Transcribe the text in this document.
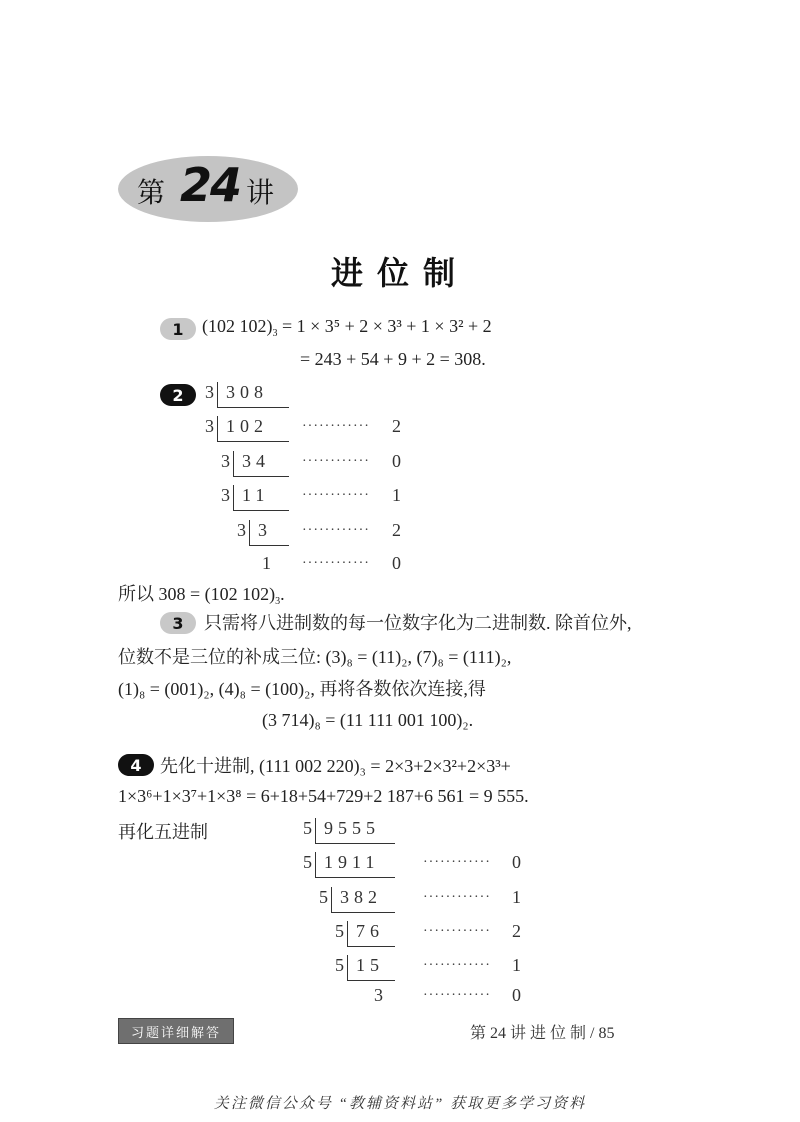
第 24 讲
进位制
1	(102 $102)_3 = 1 \times 3^5 + 2 \times 3^3 + 1 \times 3^2 + 2$
= 243 + 54 + 9 + 2 = 308.
2	3 308
3 102	············ 2
3 34	············ 0
3 11	············ 1
3 3	············ 2
1 ············ 0
所以 308 = (102 $102)_3$.
3	只需将八进制数的每一位数字化为二进制数. 除首位外,
位数不是三位的补成三位: (3)₈ = (11)₂, (7)₈ = (111)₂,
(1)₈ = (001)₂, (4)₈ = (100)₂, 再将各数依次连接,得
(3 714)₈ = (11 111 001 100)₂.
4	先化十进制, (111 002 220)₃ = 2×3+2×3²+2×3³+
1×3⁶+1×3⁷+1×3⁸ = 6+18+54+729+2 187+6 561 = 9 555.
再化五进制	5 9555
5 1911	············ 0
5 382	············ 1
5 76	············ 2
5 15	············ 1
3	············ 0
习题详细解答	第 24 讲 进 位 制 / 85
关注微信公众号 “教辅资料站” 获取更多学习资料
